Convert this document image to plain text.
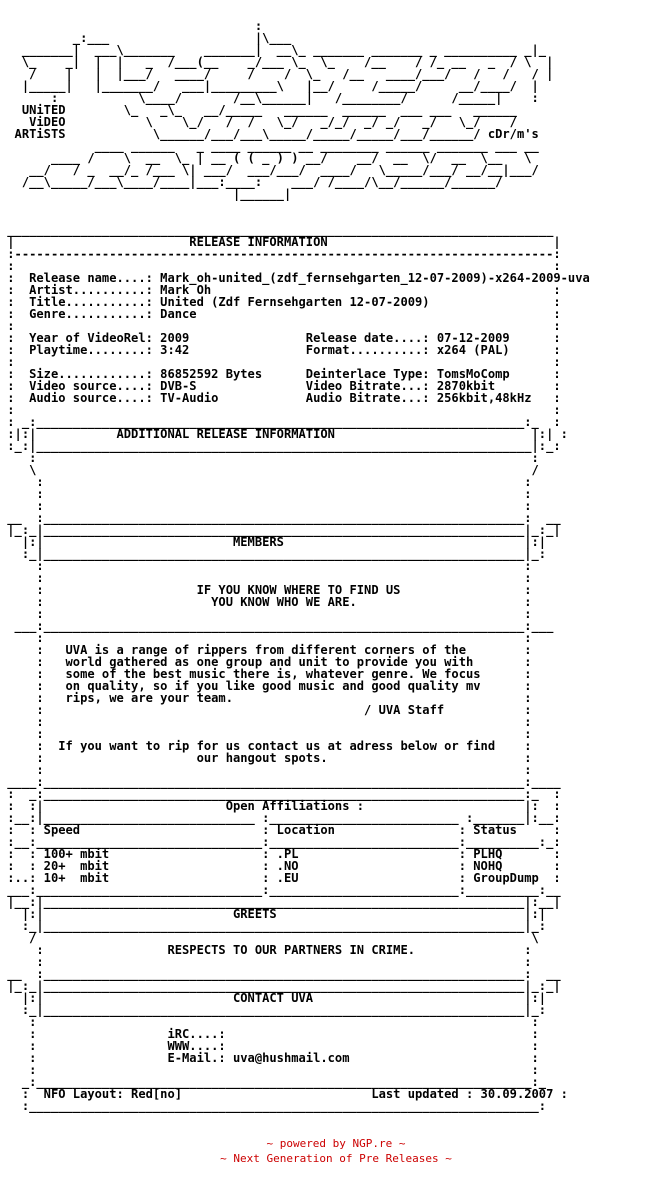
:
_:___                    |\___
_______|  ___\_______    _______|  __\_ _______ _______ _ __________ _|_
\_    _|  |  |   _  /___(__    _/___ \_  \_    /__    / /_ __   _  / \  |
/    |   |  |___/   ____/     /    /  \_   /__   ____/___/   /   /   / |
|_____|   |_______/   ___|_________\   |__/     /_____/     __/____/  |
:           \____/       /__\______|   /________/      /_____|    :
UNiTED        \_   _\_   __/_____   ______  ______  ___ ___   ______
ViDEO           \    \_/   /  /   \_/   _/_/  _/ _/   _/   \_/    /
ARTiSTS            \______/___/___\_____/_____/_____/___/______/ cDr/m's
____ ______   _ ____ ______ __ ________ ______ _______ ___ __
____ /    \  __  \_ | __ ( ( _ ) ) __/    __/  __  \/  __  \__   \
__/   / _  __/_ /___ \| ___/  ___/___/  ____/   \_____/___/ __/__|___/
/__\_____/___\____/____|___:____:    ___/ /____/\__/______/______/
|______|

___________________________________________________________________________
|                        RELEASE INFORMATION                               |
:--------------------------------------------------------------------------:
:                                                                          :
:  Release name....: Mark_oh-united_(zdf_fernsehgarten_12-07-2009)-x264-2009-uva
:  Artist..........: Mark Oh                                               :
:  Title...........: United (Zdf Fernsehgarten 12-07-2009)                 :
:  Genre...........: Dance                                                 :
:                                                                          :
:  Year of VideoRel: 2009                Release date....: 07-12-2009      :
:  Playtime........: 3:42                Format..........: x264 (PAL)      :
:                                                                          :
:  Size............: 86852592 Bytes      Deinterlace Type: TomsMoComp      :
:  Video source....: DVB-S               Video Bitrate...: 2870kbit        :
:  Audio source....: TV-Audio            Audio Bitrate...: 256kbit,48kHz   :
:                                                                          :
: _:___________________________________________________________________:_  :
:|:|           ADDITIONAL RELEASE INFORMATION                           |:| :
:_:|____________________________________________________________________|:_:
:                                                                    :
\                                                                    /
:                                                                  :
:                                                                  :
:                                                                  :
__  :__________________________________________________________________:  __
|_:_|__________________________________________________________________|_:_|
|:|                          MEMBERS                                 |:|
:_|__________________________________________________________________|_:
:                                                                  :
:                                                                  :
:                     IF YOU KNOW WHERE TO FIND US                 :
:                       YOU KNOW WHO WE ARE.                       :
:                                                                  :
___:__________________________________________________________________:___
:                                                                  :
:   UVA is a range of rippers from different corners of the        :
:   world gathered as one group and unit to provide you with       :
:   some of the best music there is, whatever genre. We focus      :
:   on quality, so if you like good music and good quality mv      :
:   rips, we are your team.                                        :
:                                            / UVA Staff           :
:                                                                  :
:                                                                  :
:  If you want to rip for us contact us at adress below or find    :
:                     our hangout spots.                           :
:                                                                  :
____:__________________________________________________________________:____
:  _:__________________________________________________________________:_  :
:  :|                         Open Affiliations :                      |:  :
:__:|_____________________________ :__________________________ :_______|:__:
:  : Speed                         : Location                 : Status     :
:__:_______________________________:__________________________:__________:_:
:  : 100+ mbit                     : .PL                      : PLHQ       :
:  : 20+  mbit                     : .NO                      : NOHQ       :
:..: 10+  mbit                     : .EU                      : GroupDump  :
___:_______________________________:__________________________:__________:__
|__:|__________________________________________________________________|:__|
|:|                          GREETS                                  |:|
:_|__________________________________________________________________|_:
/                                                                    \
:                 RESPECTS TO OUR PARTNERS IN CRIME.               :
:                                                                  :
__  :__________________________________________________________________:  __
|_:_|__________________________________________________________________|_:_|
|:|                          CONTACT UVA                             |:|
:_|__________________________________________________________________|_:
:                                                                    :
:                  iRC....:                                          :
:                  WWW....:                                          :
:                  E-Mail.: uva@hushmail.com                         :
:                                                                    :
_:____________________________________________________________________:_
:  NFO Layout: Red[no]                          Last updated : 30.09.2007 :
:______________________________________________________________________:

~ powered by NGP.re ~
~ Next Generation of Pre Releases ~
